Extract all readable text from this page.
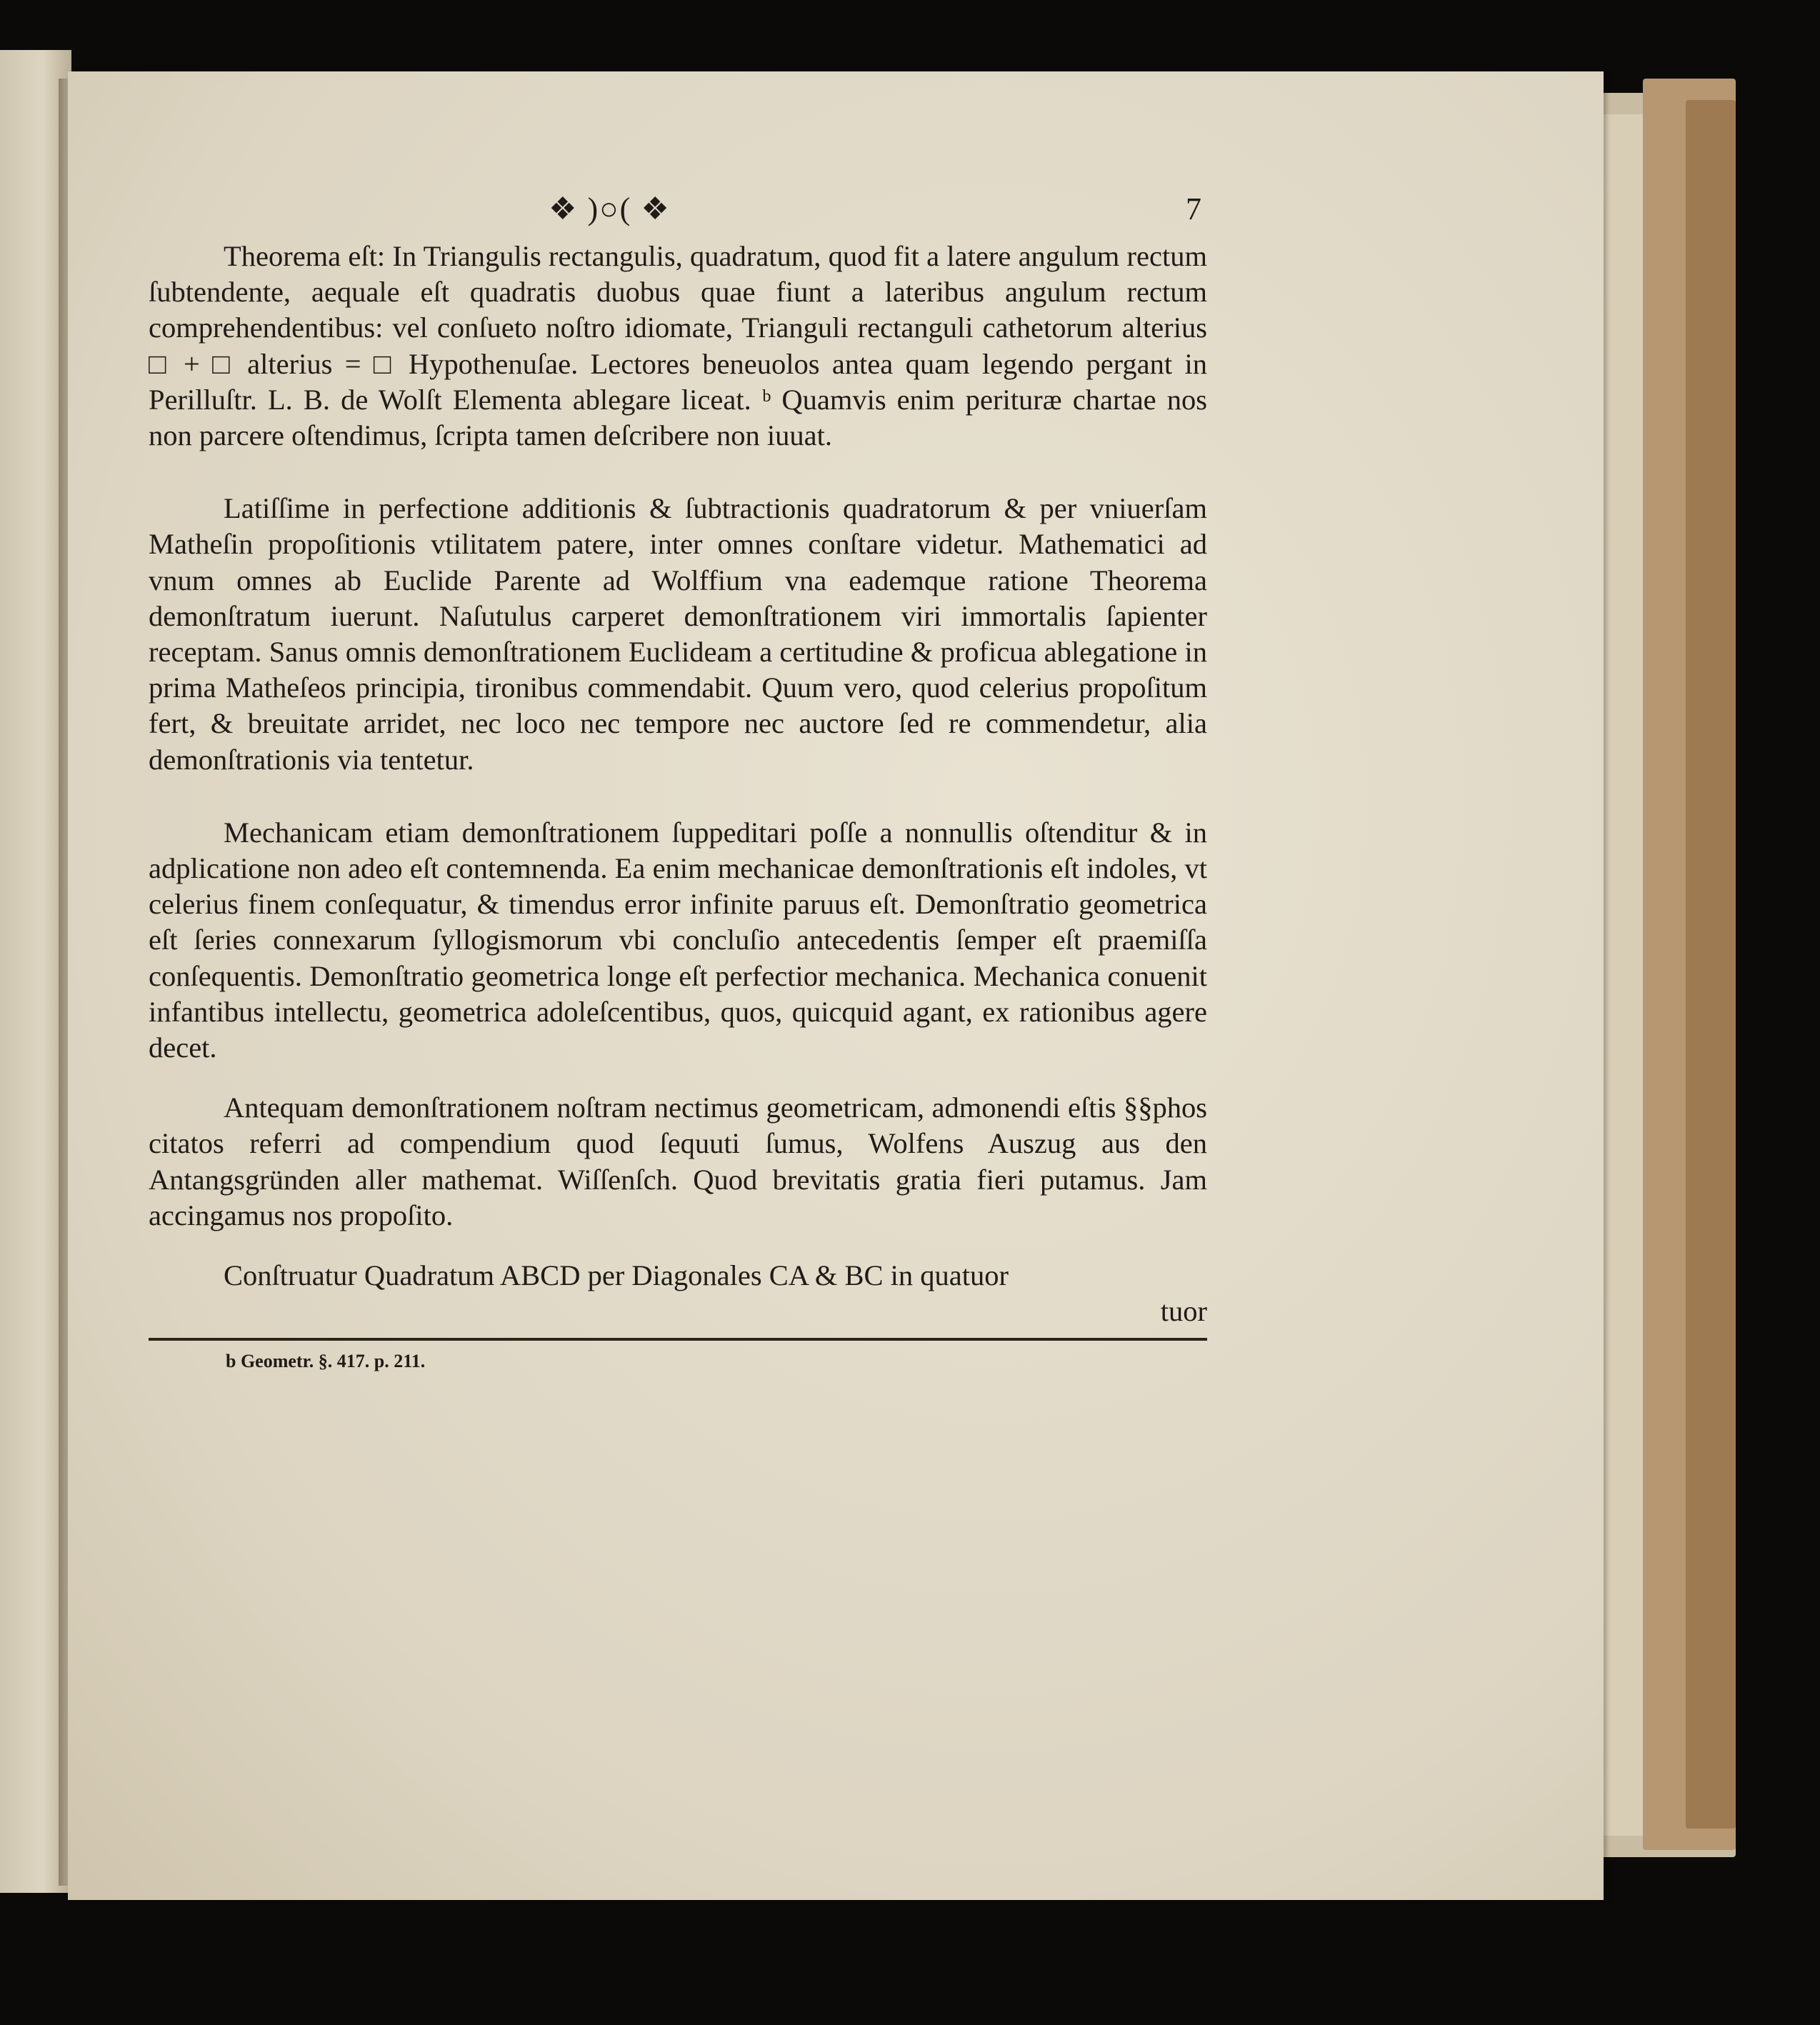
❖ )○( ❖	7

Theorema eſt: In Triangulis rectangulis, quadratum, quod fit a latere angulum rectum ſubtendente, aequale eſt quadratis duobus quae fiunt a lateribus angulum rectum comprehendentibus: vel conſueto noſtro idiomate, Trianguli rectanguli cathetorum alterius □ + □ alterius = □ Hypothenuſae. Lectores beneuolos antea quam legendo pergant in Perilluſtr. L. B. de Wolſt Elementa ablegare liceat. ᵇ Quamvis enim perituræ chartae nos non parcere oſtendimus, ſcripta tamen deſcribere non iuuat.

Latiſſime in perfectione additionis & ſubtractionis quadratorum & per vniuerſam Matheſin propoſitionis vtilitatem patere, inter omnes conſtare videtur. Mathematici ad vnum omnes ab Euclide Parente ad Wolffium vna eademque ratione Theorema demonſtratum iuerunt. Naſutulus carperet demonſtrationem viri immortalis ſapienter receptam. Sanus omnis demonſtrationem Euclideam a certitudine & proficua ablegatione in prima Matheſeos principia, tironibus commendabit. Quum vero, quod celerius propoſitum fert, & breuitate arridet, nec loco nec tempore nec auctore ſed re commendetur, alia demonſtrationis via tentetur.

Mechanicam etiam demonſtrationem ſuppeditari poſſe a nonnullis oſtenditur & in adplicatione non adeo eſt contemnenda. Ea enim mechanicae demonſtrationis eſt indoles, vt celerius finem conſequatur, & timendus error infinite paruus eſt. Demonſtratio geometrica eſt ſeries connexarum ſyllogismorum vbi concluſio antecedentis ſemper eſt praemiſſa conſequentis. Demonſtratio geometrica longe eſt perfectior mechanica. Mechanica conuenit infantibus intellectu, geometrica adoleſcentibus, quos, quicquid agant, ex rationibus agere decet.

Antequam demonſtrationem noſtram nectimus geometricam, admonendi eſtis §§phos citatos referri ad compendium quod ſequuti ſumus, Wolfens Auszug aus den Antangsgründen aller mathemat. Wiſſenſch. Quod brevitatis gratia fieri putamus. Jam accingamus nos propoſito.

Conſtruatur Quadratum ABCD per Diagonales CA & BC in quatuor

tuor

b Geometr. §. 417. p. 211.
